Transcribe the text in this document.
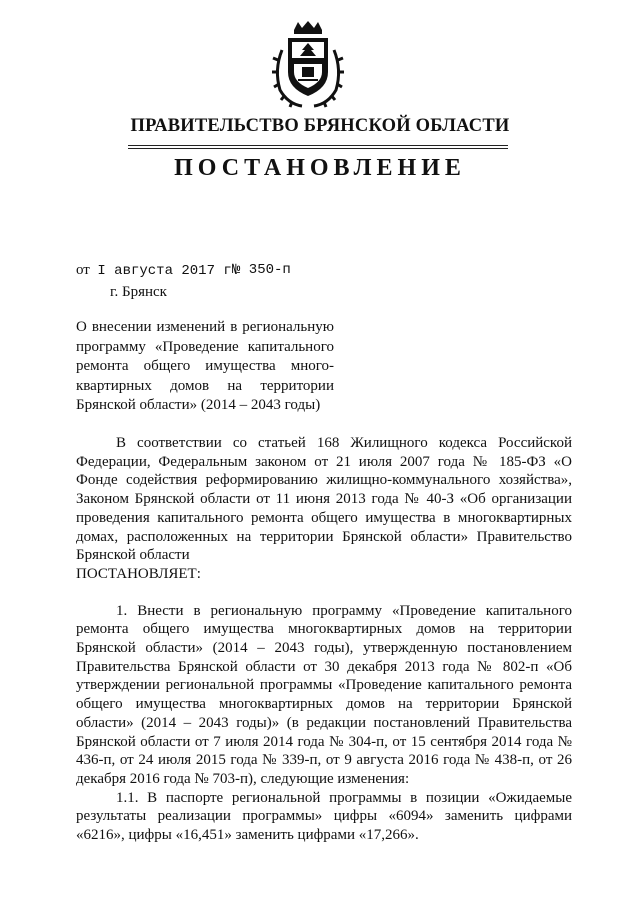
ПРАВИТЕЛЬСТВО БРЯНСКОЙ ОБЛАСТИ
ПОСТАНОВЛЕНИЕ
от I августа 2017 г.
№ 350-п
г. Брянск

О внесении изменений в региональную

программу «Проведение капитального

ремонта общего имущества много-

квартирных домов на территории

Брянской области» (2014 – 2043 годы)

В соответствии со статьей 168 Жилищного кодекса Российской Федерации, Федеральным законом от 21 июля 2007 года № 185-ФЗ «О Фонде содействия реформированию жилищно-коммунального хозяйства», Законом Брянской области от 11 июня 2013 года № 40-З «Об организации проведения капитального ремонта общего имущества в многоквартирных домах, расположенных на территории Брянской области» Правительство Брянской области

ПОСТАНОВЛЯЕТ:

1. Внести в региональную программу «Проведение капитального ремонта общего имущества многоквартирных домов на территории Брянской области» (2014 – 2043 годы), утвержденную постановлением Правительства Брянской области от 30 декабря 2013 года № 802-п «Об утверждении региональной программы «Проведение капитального ремонта общего имущества многоквартирных домов на территории Брянской области» (2014 – 2043 годы)» (в редакции постановлений Правительства Брянской области от 7 июля 2014 года № 304-п, от 15 сентября 2014 года № 436-п, от 24 июля 2015 года № 339-п, от 9 августа 2016 года № 438-п, от 26 декабря 2016 года № 703-п), следующие изменения:

1.1. В паспорте региональной программы в позиции «Ожидаемые результаты реализации программы» цифры «6094» заменить цифрами «6216», цифры «16,451» заменить цифрами «17,266».
